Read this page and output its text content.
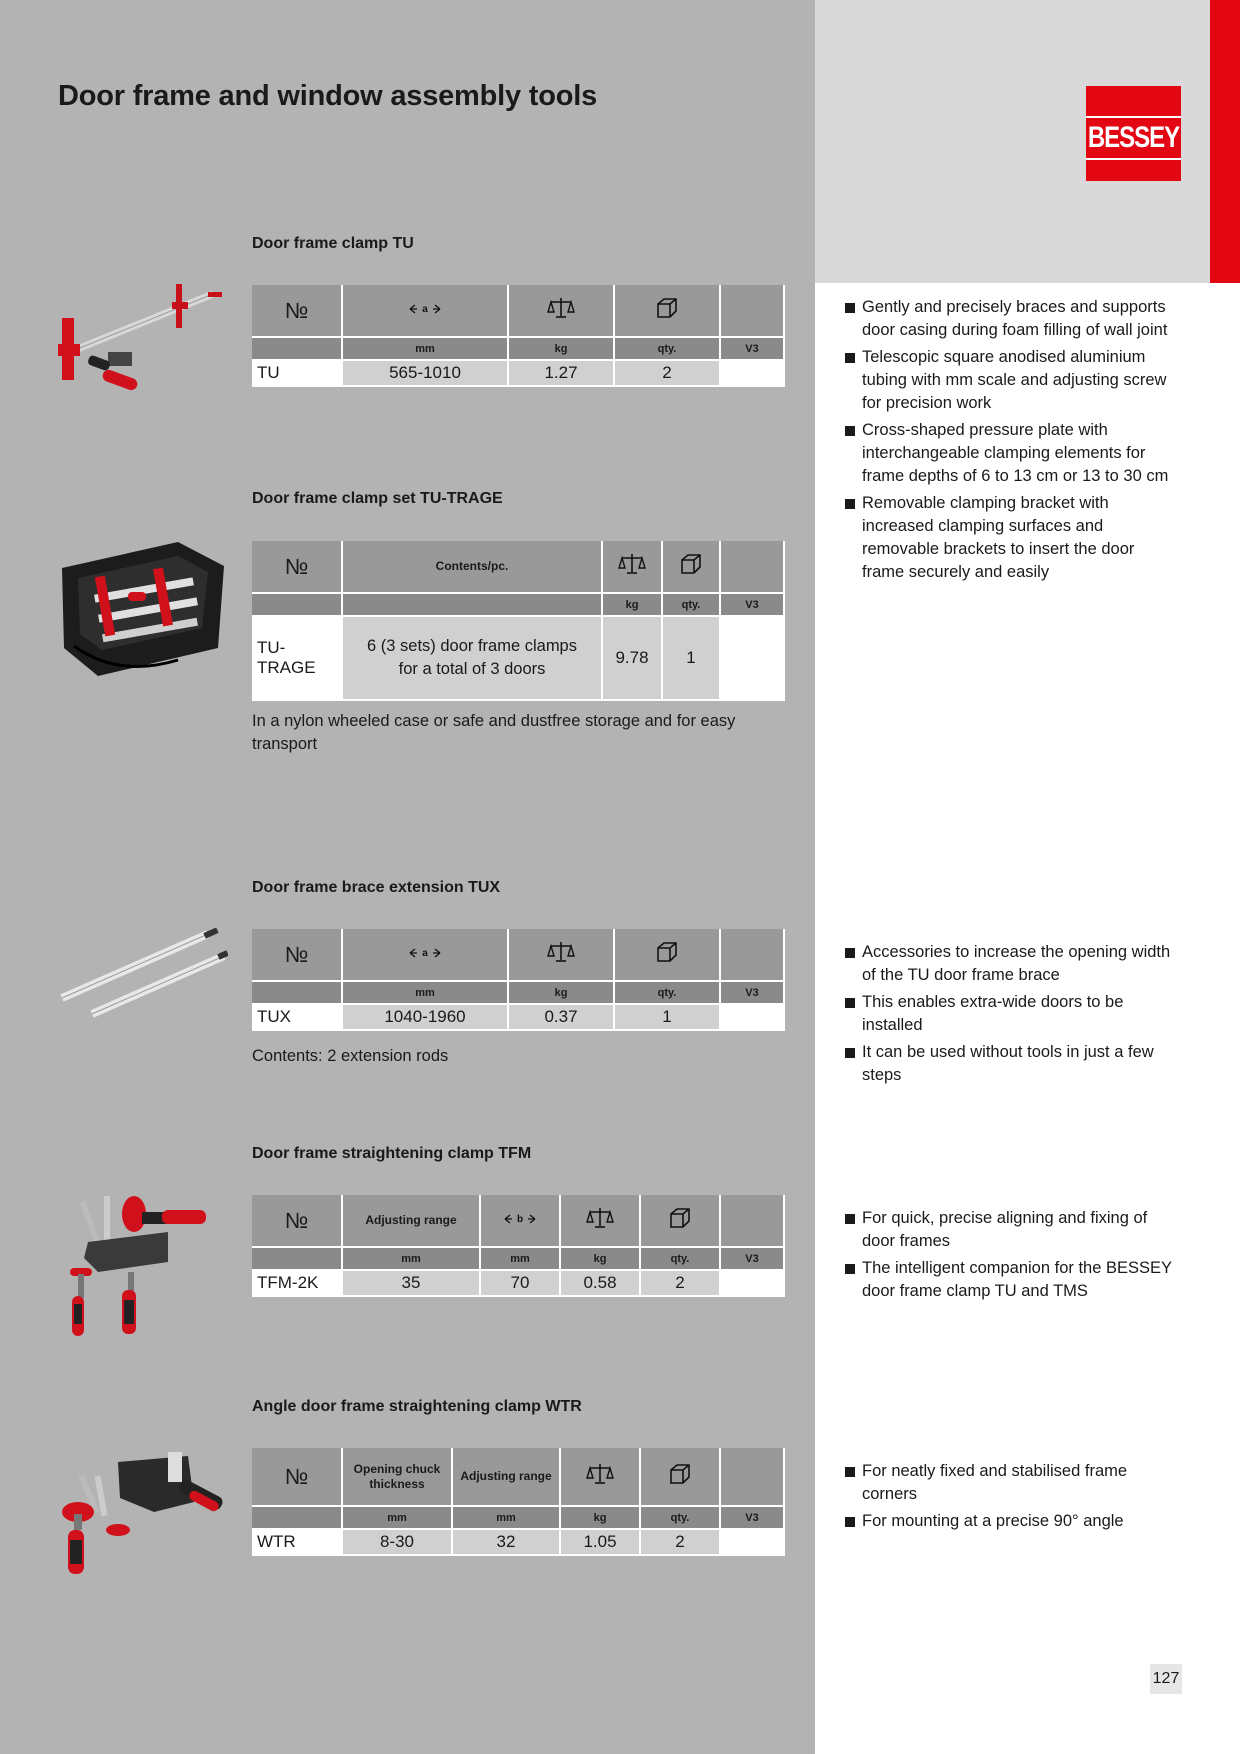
Door frame and window assembly tools
BESSEY
Door frame clamp TU
№	a

	mm	kg	qty.	V3
TU	565-1010	1.27	2	
Gently and precisely braces and supports door casing during foam filling of wall joint
Telescopic square anodised aluminium tubing with mm scale and adjusting screw for precision work
Cross-shaped pressure plate with interchangeable clamping elements for frame depths of 6 to 13 cm or 13 to 30 cm
Removable clamping bracket with increased clamping surfaces and removable brackets to insert the door frame securely and easily
Door frame clamp set TU-TRAGE
№	Contents/pc.			
		kg	qty.	V3
TU-TRAGE	6 (3 sets) door frame clamps for a total of 3 doors	9.78	1	
In a nylon wheeled case or safe and dustfree storage and for easy transport
Door frame brace extension TUX
№	a

	mm	kg	qty.	V3
TUX	1040-1960	0.37	1	
Contents: 2 extension rods
Accessories to increase the opening width of the TU door frame brace
This enables extra-wide doors to be installed
It can be used without tools in just a few steps
Door frame straightening clamp TFM
№	Adjusting range	b

	mm	mm	kg	qty.	V3
TFM-2K	35	70	0.58	2	
For quick, precise aligning and fixing of door frames
The intelligent companion for the BESSEY door frame clamp TU and TMS
Angle door frame straightening clamp WTR
№	Opening chuck thickness	Adjusting range			
	mm	mm	kg	qty.	V3
WTR	8-30	32	1.05	2	
For neatly fixed and stabilised frame corners
For mounting at a precise 90° angle
127
